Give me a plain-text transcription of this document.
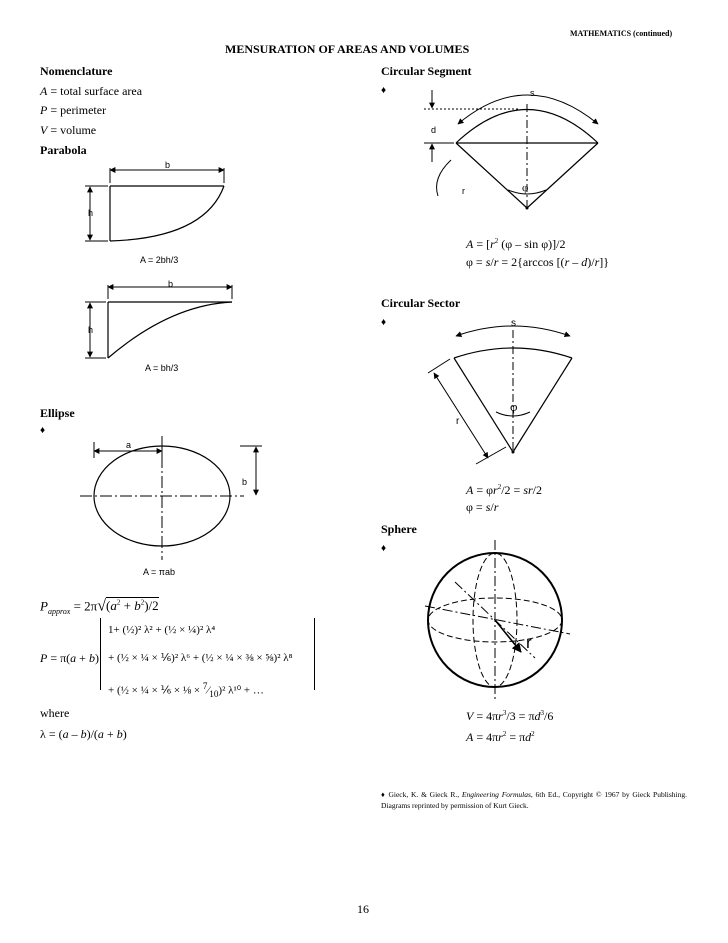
MATHEMATICS (continued)
MENSURATION OF AREAS AND VOLUMES
Nomenclature
A = total surface area
P = perimeter
V = volume
Parabola
b
h
A = 2bh/3
b
h
A = bh/3
Ellipse
♦
a
b
A = πab
$P_{approx} = 2\pi√(a^2 + b^2)/2$
P = π(a + b)
1+ (½)² λ² + (½ × ¼)² λ⁴
+ (½ × ¼ × ⅙)² λ⁶ + (½ × ¼ × ⅜ × ⅝)² λ⁸
+ (½ × ¼ × ⅙ × ⅛ × $^7⁄_{10})^2$ λ¹⁰ + …
where
λ = (a – b)/(a + b)
Circular Segment
♦	s
d
r	φ
$A = [r^2$ (φ – sin φ)]/2
φ = s/r = 2{arccos [(r – d)/r]}
Circular Sector
♦	s
r
φ
$A = \varphi r^2/2 = sr/2$
φ = s/r
Sphere
♦
r
$V = 4\pi r^3/3 = \pi d^3/6$
$A = 4\pi r^2 = \pi d^2$
♦ Gieck, K. & Gieck R., Engineering Formulas, 6th Ed., Copyright © 1967 by Gieck Publishing. Diagrams reprinted by permission of Kurt Gieck.
16
